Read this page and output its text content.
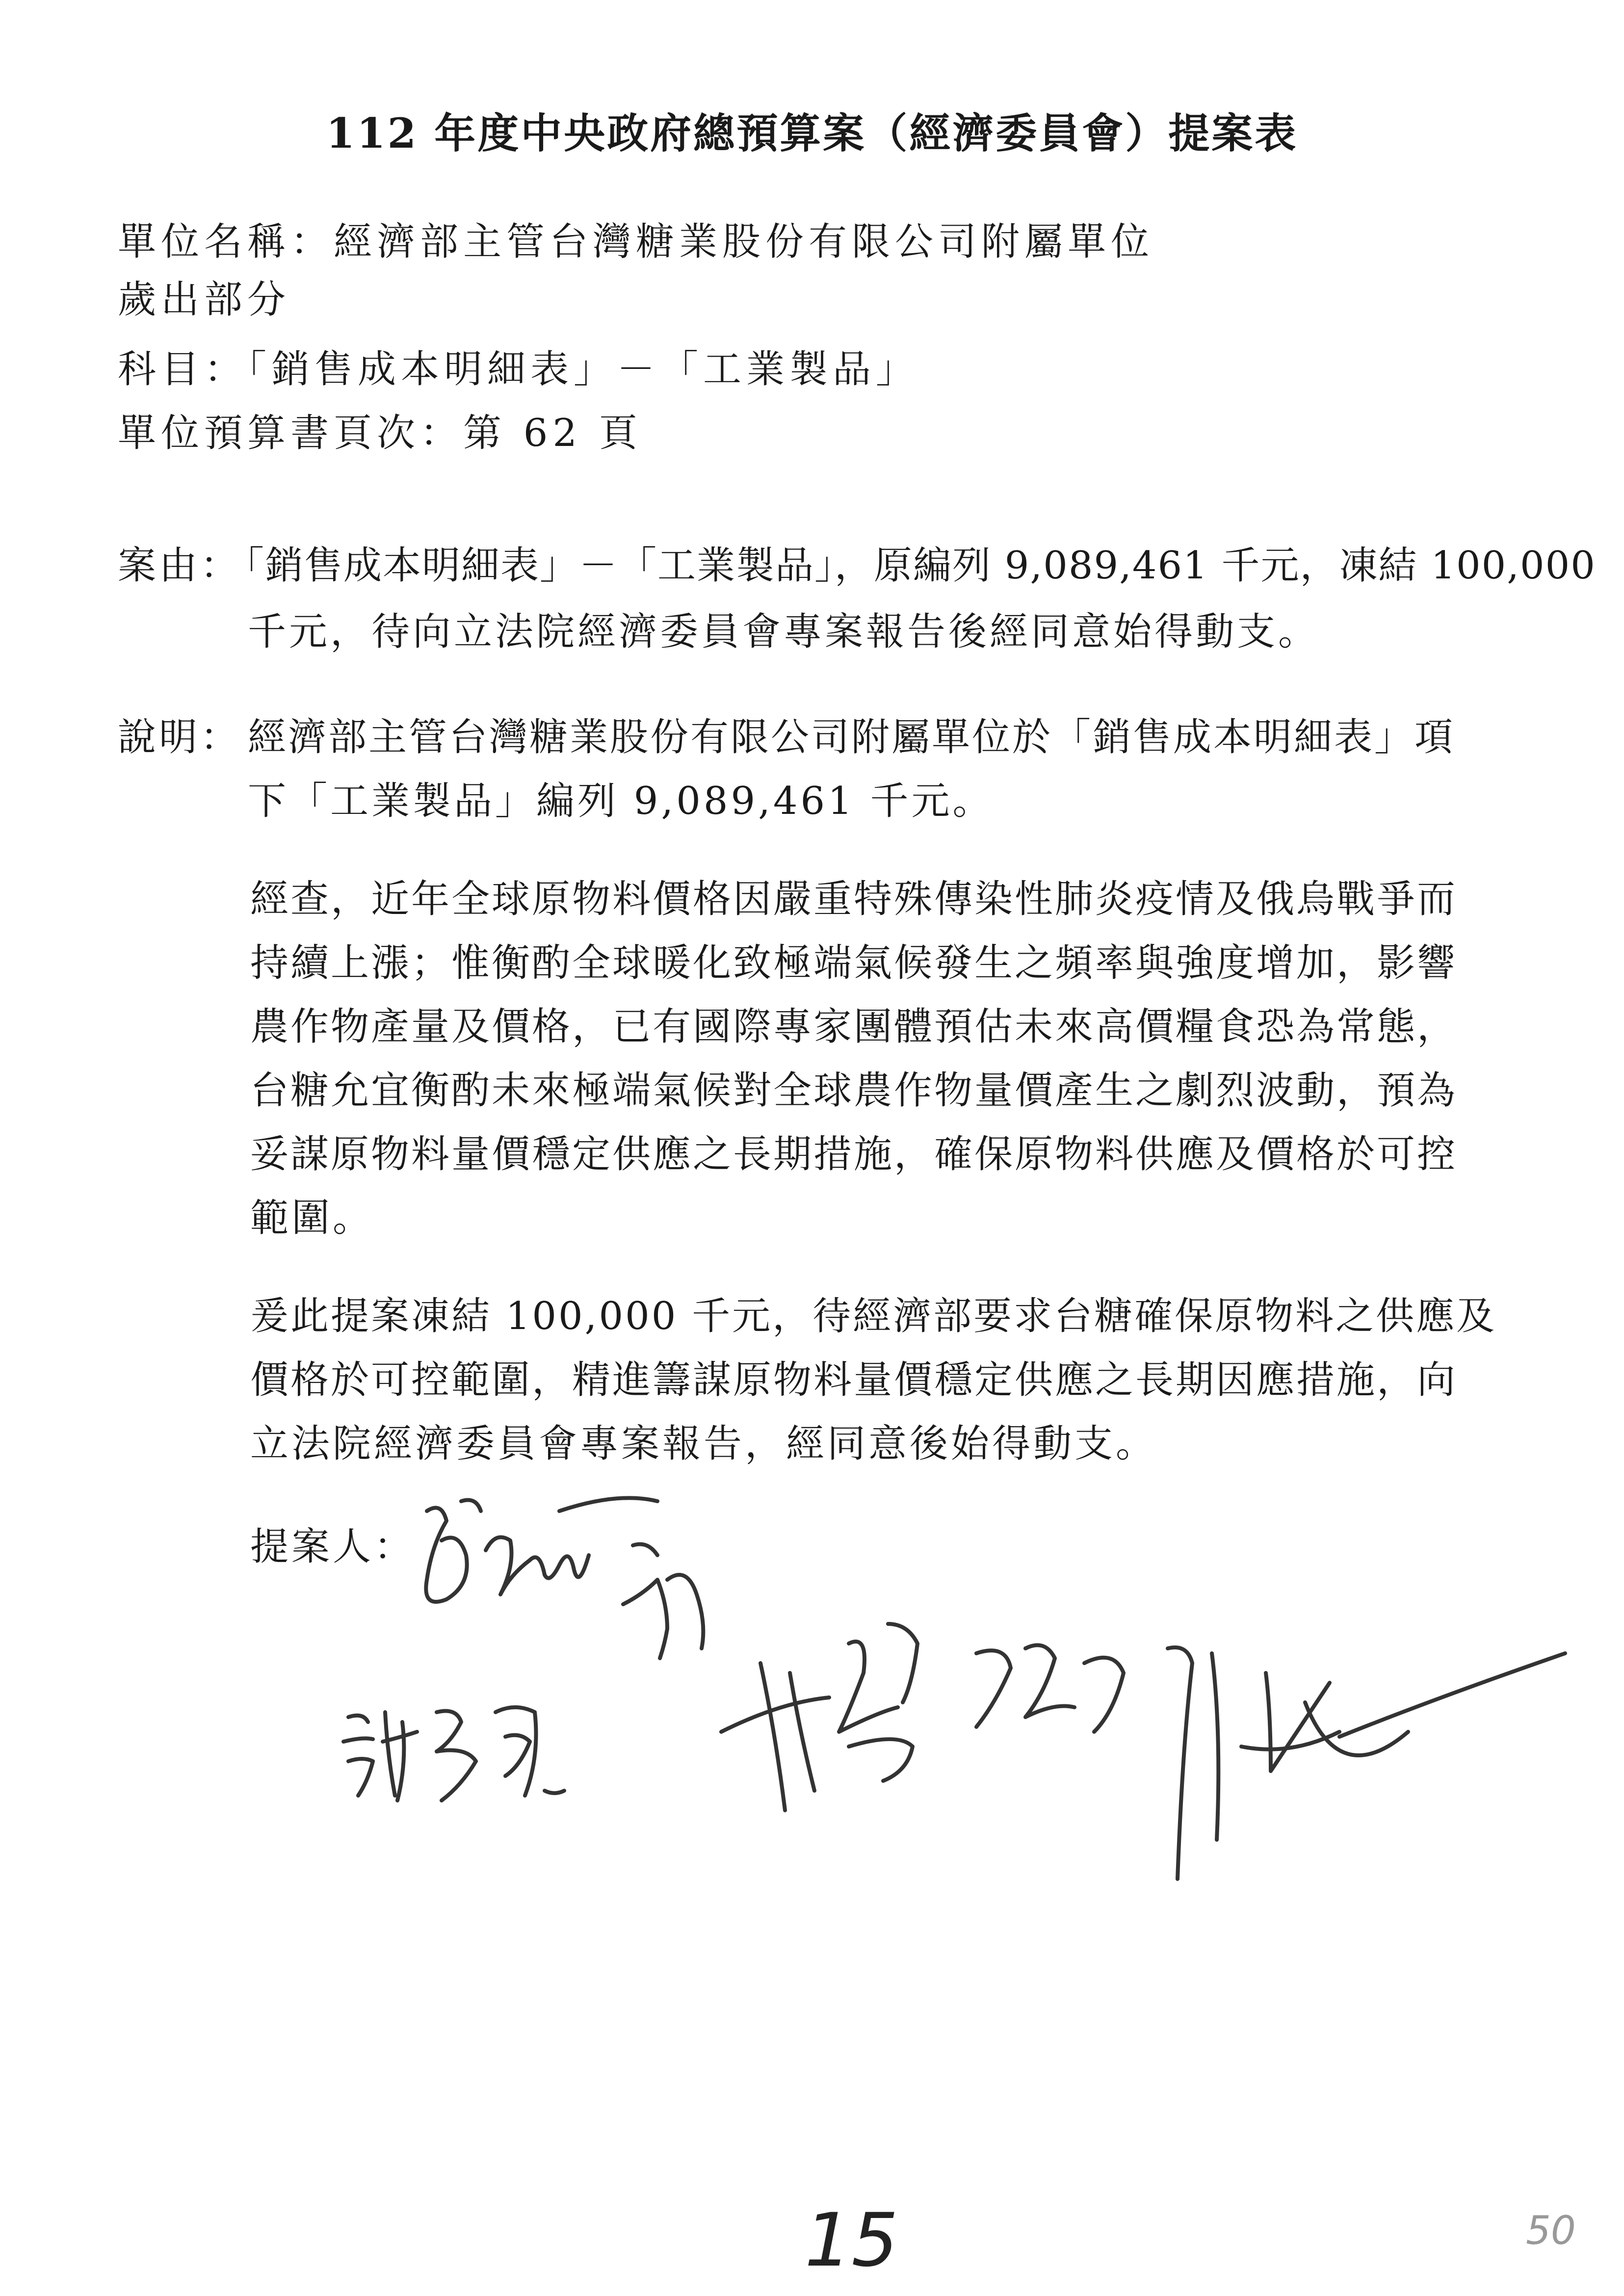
112 年度中央政府總預算案（經濟委員會）提案表
單位名稱：經濟部主管台灣糖業股份有限公司附屬單位
歲出部分
科目：「銷售成本明細表」－「工業製品」
單位預算書頁次：第 62 頁
案由：
「銷售成本明細表」－「工業製品」，原編列 9,089,461 千元，凍結 100,000
千元，待向立法院經濟委員會專案報告後經同意始得動支。
說明： 經濟部主管台灣糖業股份有限公司附屬單位於「銷售成本明細表」項
下「工業製品」編列 9,089,461 千元。
經查，近年全球原物料價格因嚴重特殊傳染性肺炎疫情及俄烏戰爭而
持續上漲；惟衡酌全球暖化致極端氣候發生之頻率與強度增加，影響
農作物產量及價格，已有國際專家團體預估未來高價糧食恐為常態，
台糖允宜衡酌未來極端氣候對全球農作物量價產生之劇烈波動，預為
妥謀原物料量價穩定供應之長期措施，確保原物料供應及價格於可控
範圍。
爰此提案凍結 100,000 千元，待經濟部要求台糖確保原物料之供應及
價格於可控範圍，精進籌謀原物料量價穩定供應之長期因應措施，向
立法院經濟委員會專案報告，經同意後始得動支。
提案人：
15	50
